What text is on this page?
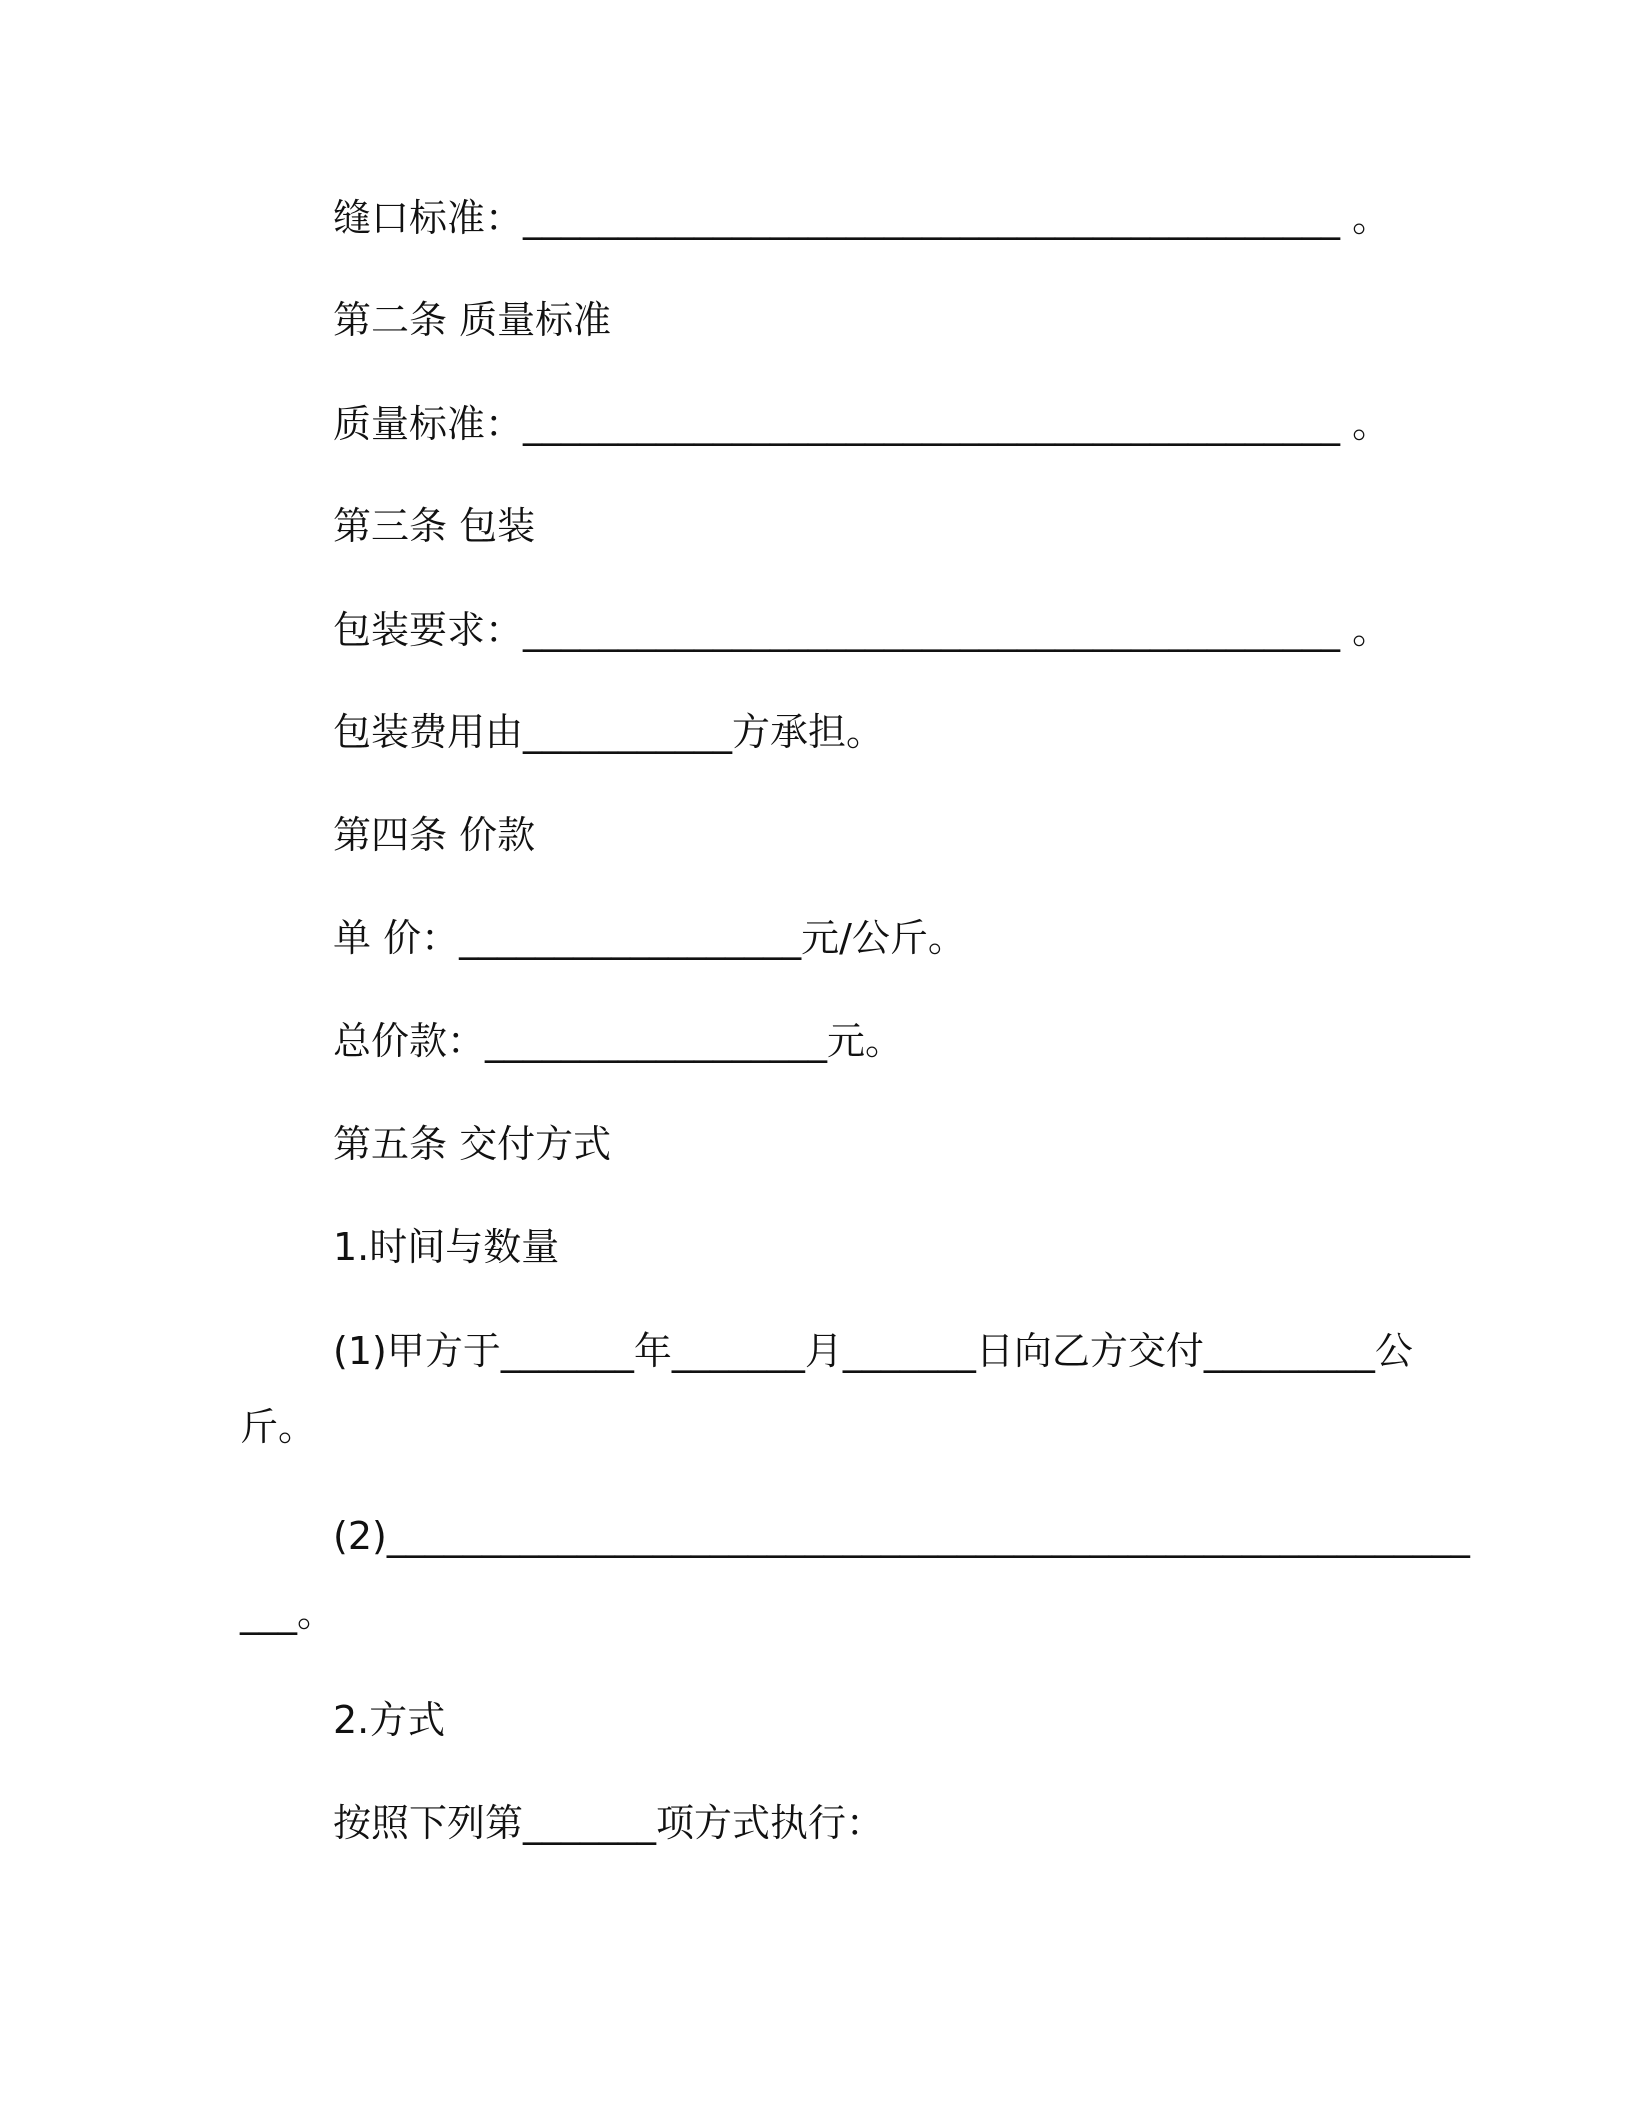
缝口标准：___________________________________________ 。
第二条 质量标准
质量标准：___________________________________________ 。
第三条 包装
包装要求：___________________________________________ 。
包装费用由___________方承担。
第四条 价款
单 价：__________________元/公斤。
总价款：__________________元。
第五条 交付方式
1.时间与数量
(1)甲方于_______年_______月_______日向乙方交付_________公
斤。
(2)_________________________________________________________
___。
2.方式
按照下列第_______项方式执行：
